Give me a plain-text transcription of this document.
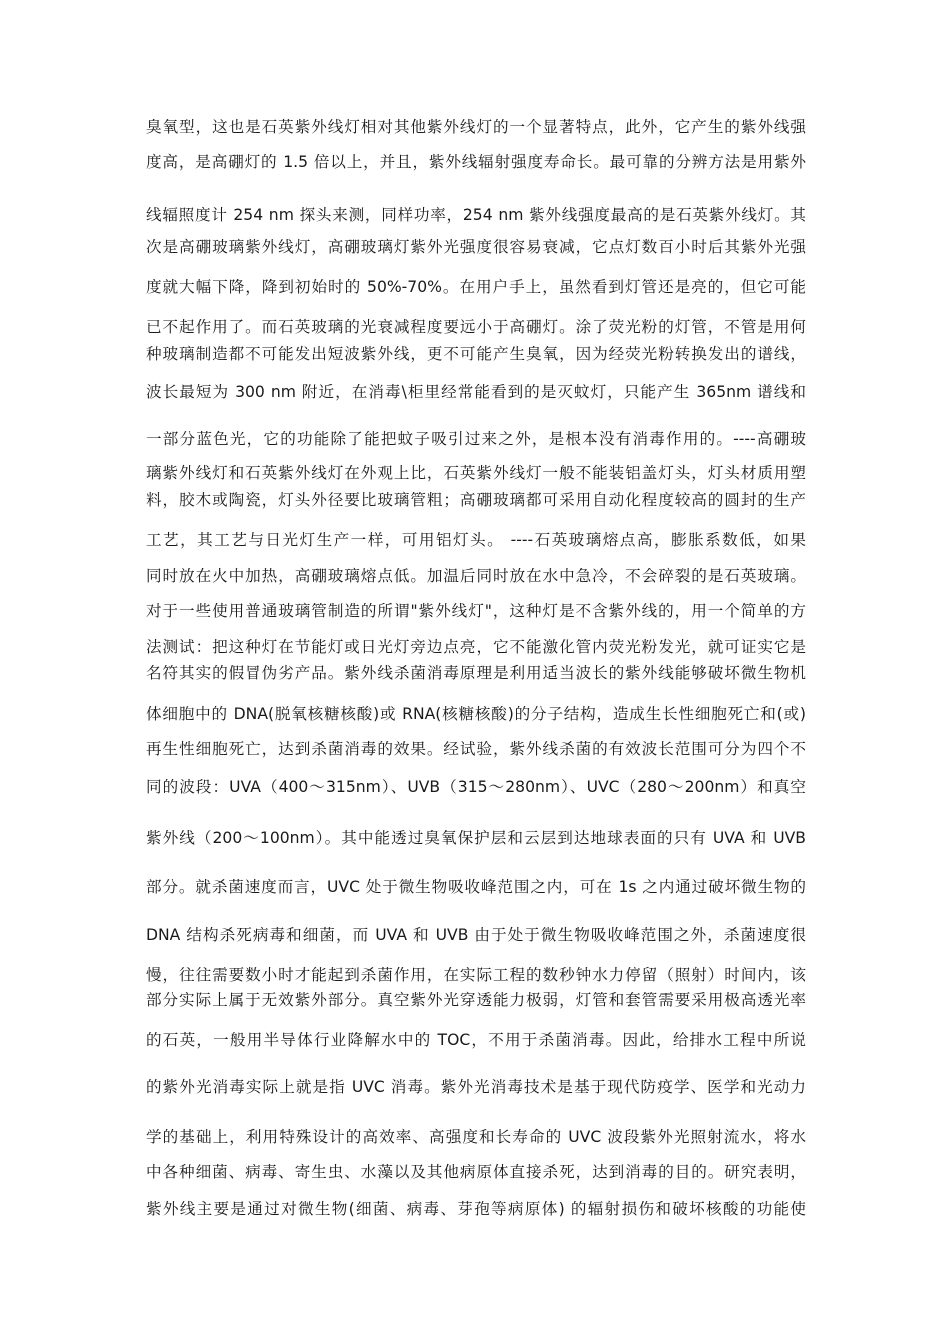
臭氧型，这也是石英紫外线灯相对其他紫外线灯的一个显著特点，此外，它产生的紫外线强
度高，是高硼灯的 1.5 倍以上，并且，紫外线辐射强度寿命长。最可靠的分辨方法是用紫外
线辐照度计 254 nm 探头来测，同样功率，254 nm 紫外线强度最高的是石英紫外线灯。其
次是高硼玻璃紫外线灯，高硼玻璃灯紫外光强度很容易衰减，它点灯数百小时后其紫外光强
度就大幅下降，降到初始时的 50%-70%。在用户手上，虽然看到灯管还是亮的，但它可能
已不起作用了。而石英玻璃的光衰减程度要远小于高硼灯。涂了荧光粉的灯管，不管是用何
种玻璃制造都不可能发出短波紫外线，更不可能产生臭氧，因为经荧光粉转换发出的谱线，
波长最短为 300 nm 附近，在消毒\柜里经常能看到的是灭蚊灯，只能产生 365nm 谱线和
一部分蓝色光，它的功能除了能把蚊子吸引过来之外，是根本没有消毒作用的。----高硼玻
璃紫外线灯和石英紫外线灯在外观上比，石英紫外线灯一般不能装铝盖灯头，灯头材质用塑
料，胶木或陶瓷，灯头外径要比玻璃管粗；高硼玻璃都可采用自动化程度较高的圆封的生产
工艺，其工艺与日光灯生产一样，可用铝灯头。 ----石英玻璃熔点高，膨胀系数低，如果
同时放在火中加热，高硼玻璃熔点低。加温后同时放在水中急冷，不会碎裂的是石英玻璃。
对于一些使用普通玻璃管制造的所谓"紫外线灯"，这种灯是不含紫外线的，用一个简单的方
法测试：把这种灯在节能灯或日光灯旁边点亮，它不能激化管内荧光粉发光，就可证实它是
名符其实的假冒伪劣产品。紫外线杀菌消毒原理是利用适当波长的紫外线能够破坏微生物机
体细胞中的 DNA(脱氧核糖核酸)或 RNA(核糖核酸)的分子结构，造成生长性细胞死亡和(或)
再生性细胞死亡，达到杀菌消毒的效果。经试验，紫外线杀菌的有效波长范围可分为四个不
同的波段：UVA（400～315nm）、UVB（315～280nm）、UVC（280～200nm）和真空
紫外线（200～100nm）。其中能透过臭氧保护层和云层到达地球表面的只有 UVA 和 UVB
部分。就杀菌速度而言，UVC 处于微生物吸收峰范围之内，可在 1s 之内通过破坏微生物的
DNA 结构杀死病毒和细菌，而 UVA 和 UVB 由于处于微生物吸收峰范围之外，杀菌速度很
慢，往往需要数小时才能起到杀菌作用，在实际工程的数秒钟水力停留（照射）时间内，该
部分实际上属于无效紫外部分。真空紫外光穿透能力极弱，灯管和套管需要采用极高透光率
的石英，一般用半导体行业降解水中的 TOC，不用于杀菌消毒。因此，给排水工程中所说
的紫外光消毒实际上就是指 UVC 消毒。紫外光消毒技术是基于现代防疫学、医学和光动力
学的基础上，利用特殊设计的高效率、高强度和长寿命的 UVC 波段紫外光照射流水，将水
中各种细菌、病毒、寄生虫、水藻以及其他病原体直接杀死，达到消毒的目的。研究表明，
紫外线主要是通过对微生物(细菌、病毒、芽孢等病原体) 的辐射损伤和破坏核酸的功能使
